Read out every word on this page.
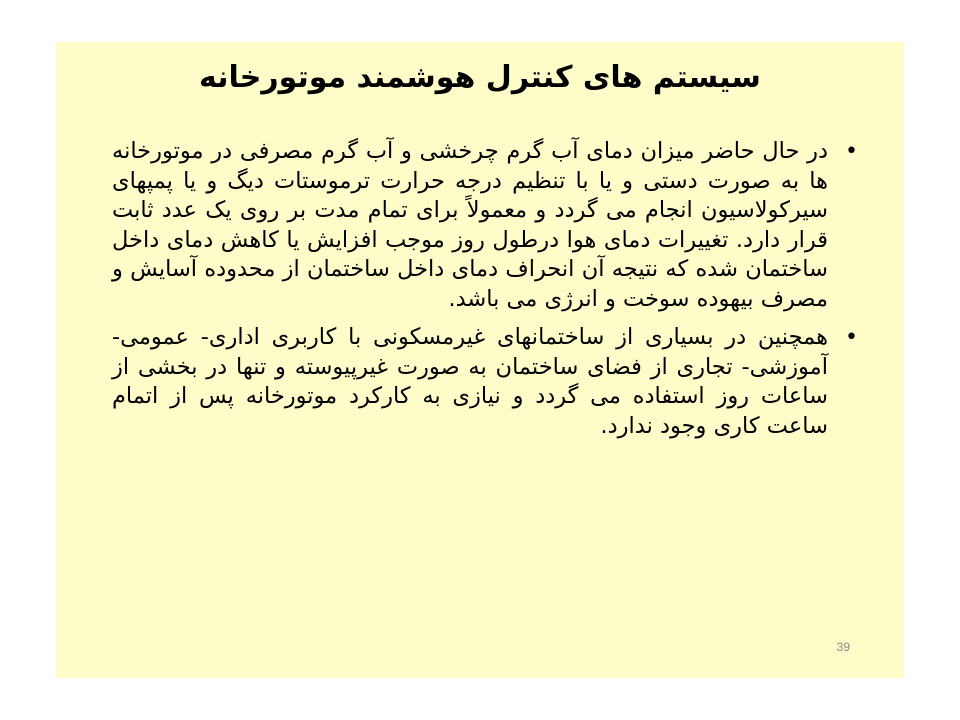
سیستم های کنترل هوشمند موتورخانه
•
در حال حاضر میزان دمای آب گرم چرخشی و آب گرم مصرفی در موتورخانه ها به صورت دستی و یا با تنظیم درجه حرارت ترموستات دیگ و یا پمپهای سیرکولاسیون انجام می گردد و معمولاً برای تمام مدت بر روی یک عدد ثابت قرار دارد. تغییرات دمای هوا درطول روز موجب افزایش یا کاهش دمای داخل ساختمان شده که نتیجه آن انحراف دمای داخل ساختمان از محدوده آسایش و مصرف بیهوده سوخت و انرژی می باشد.
•
همچنین در بسیاری از ساختمانهای غیرمسکونی با کاربری اداری- عمومی- آموزشی- تجاری از فضای ساختمان به صورت غیرپیوسته و تنها در بخشی از ساعات روز استفاده می گردد و نیازی به کارکرد موتورخانه پس از اتمام ساعت کاری وجود ندارد.
39
